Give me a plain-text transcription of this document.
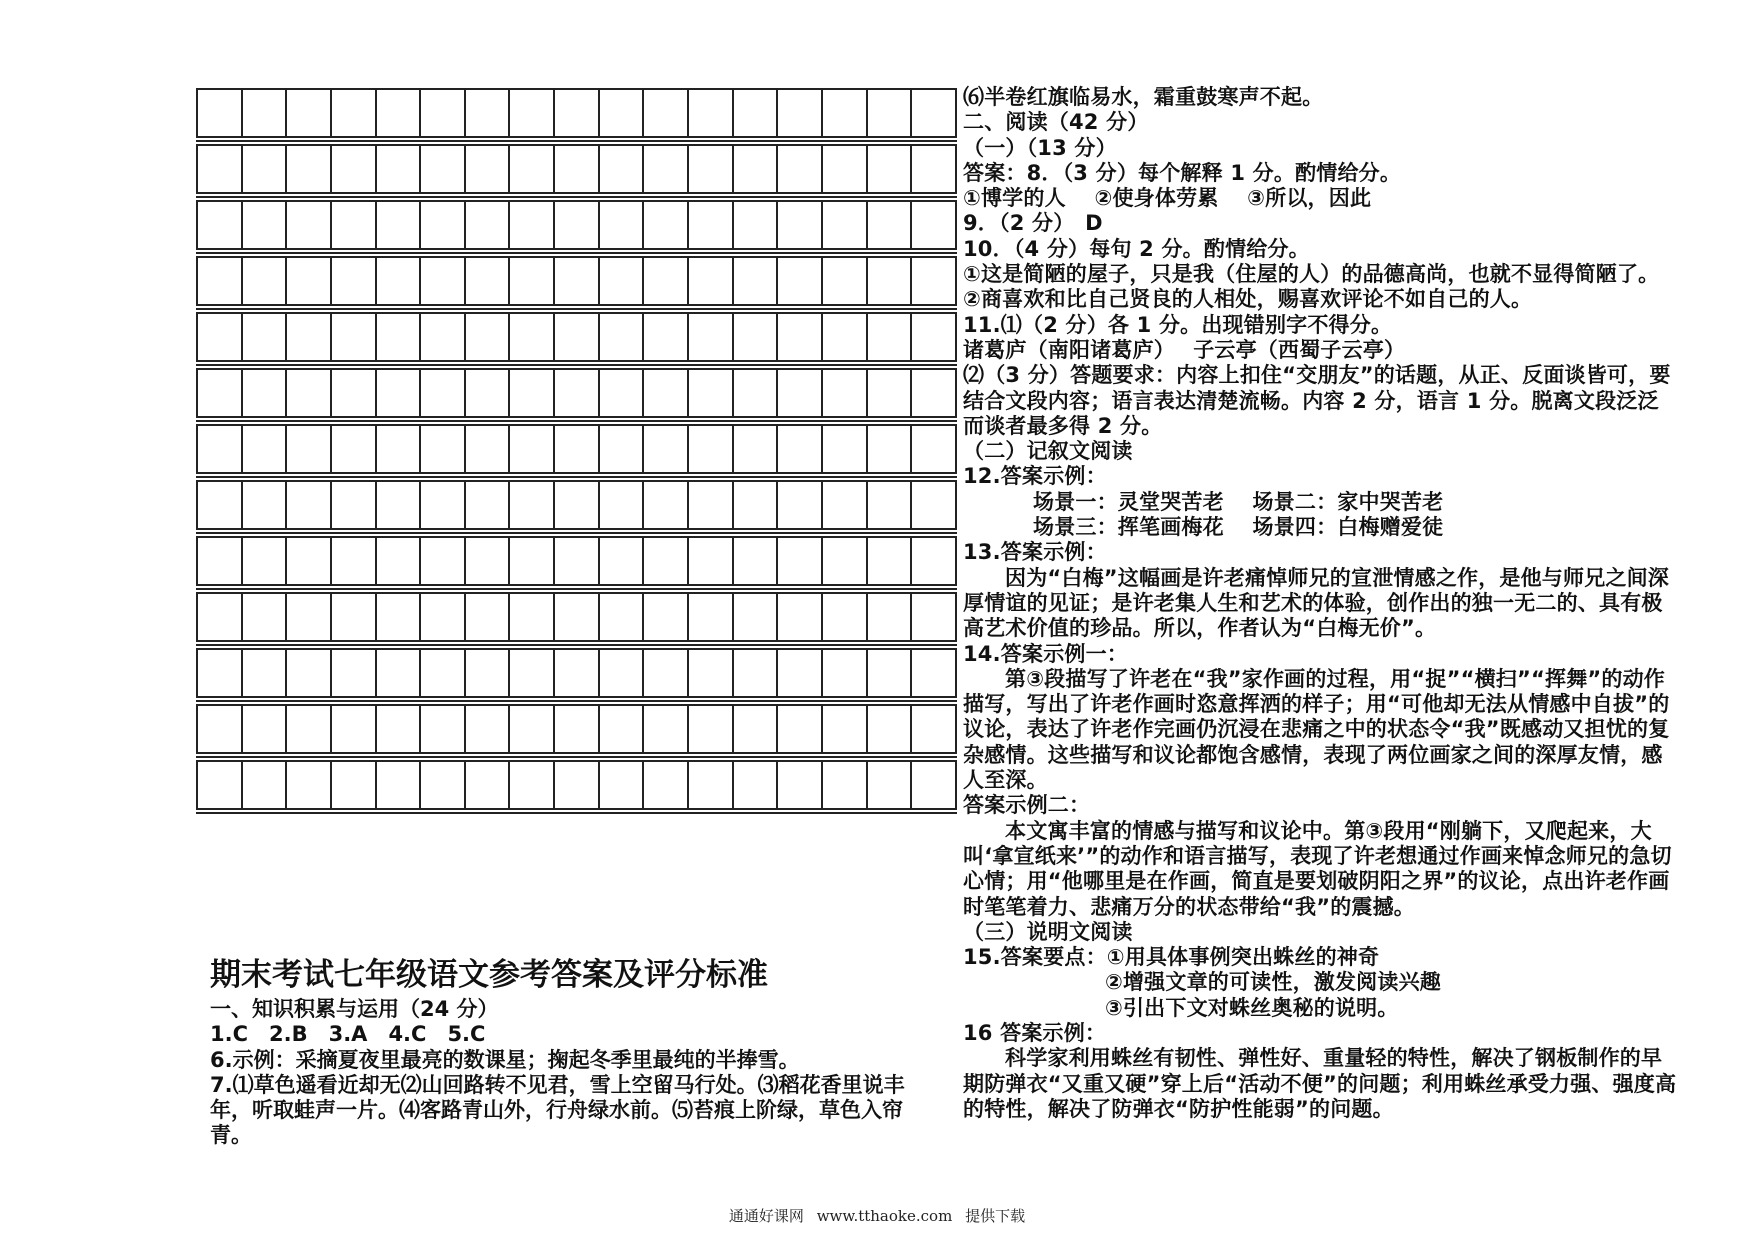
⑹半卷红旗临易水，霜重鼓寒声不起。

二、阅读（42 分）

（一）（13 分）

答案：8．（3 分）每个解释 1 分。酌情给分。

①博学的人　 ②使身体劳累　 ③所以，因此

9．（2 分）　D

10．（4 分）每句 2 分。酌情给分。

①这是简陋的屋子，只是我（住屋的人）的品德高尚，也就不显得简陋了。

②商喜欢和比自己贤良的人相处，赐喜欢评论不如自己的人。

11.⑴（2 分）各 1 分。出现错别字不得分。

诸葛庐（南阳诸葛庐）　 子云亭（西蜀子云亭）

⑵（3 分）答题要求：内容上扣住“交朋友”的话题，从正、反面谈皆可，要结合文段内容；语言表达清楚流畅。内容 2 分，语言 1 分。脱离文段泛泛而谈者最多得 2 分。

（二）记叙文阅读

12.答案示例：

场景一：灵堂哭苦老　 场景二：家中哭苦老

场景三：挥笔画梅花　 场景四：白梅赠爱徒

13.答案示例：

因为“白梅”这幅画是许老痛悼师兄的宣泄情感之作，是他与师兄之间深厚情谊的见证；是许老集人生和艺术的体验，创作出的独一无二的、具有极高艺术价值的珍品。所以，作者认为“白梅无价”。

14.答案示例一：

第③段描写了许老在“我”家作画的过程，用“捉”“横扫”“挥舞”的动作描写，写出了许老作画时恣意挥洒的样子；用“可他却无法从情感中自拔”的议论，表达了许老作完画仍沉浸在悲痛之中的状态令“我”既感动又担忧的复杂感情。这些描写和议论都饱含感情，表现了两位画家之间的深厚友情，感人至深。

答案示例二：

本文寓丰富的情感与描写和议论中。第③段用“刚躺下，又爬起来，大叫‘拿宣纸来’”的动作和语言描写，表现了许老想通过作画来悼念师兄的急切心情；用“他哪里是在作画，简直是要划破阴阳之界”的议论，点出许老作画时笔笔着力、悲痛万分的状态带给“我”的震撼。

（三）说明文阅读

15.答案要点：①用具体事例突出蛛丝的神奇

②增强文章的可读性，激发阅读兴趣

③引出下文对蛛丝奥秘的说明。

16 答案示例：

科学家利用蛛丝有韧性、弹性好、重量轻的特性，解决了钢板制作的早期防弹衣“又重又硬”穿上后“活动不便”的问题；利用蛛丝承受力强、强度高的特性，解决了防弹衣“防护性能弱”的问题。

期末考试七年级语文参考答案及评分标准

一、知识积累与运用（24 分）

1.C　2.B　3.A　4.C　5.C

6.示例：采摘夏夜里最亮的数课星；掬起冬季里最纯的半捧雪。

7.⑴草色遥看近却无⑵山回路转不见君，雪上空留马行处。⑶稻花香里说丰年，听取蛙声一片。⑷客路青山外，行舟绿水前。⑸苔痕上阶绿，草色入帘青。

通通好课网 www.tthaoke.com 提供下载
